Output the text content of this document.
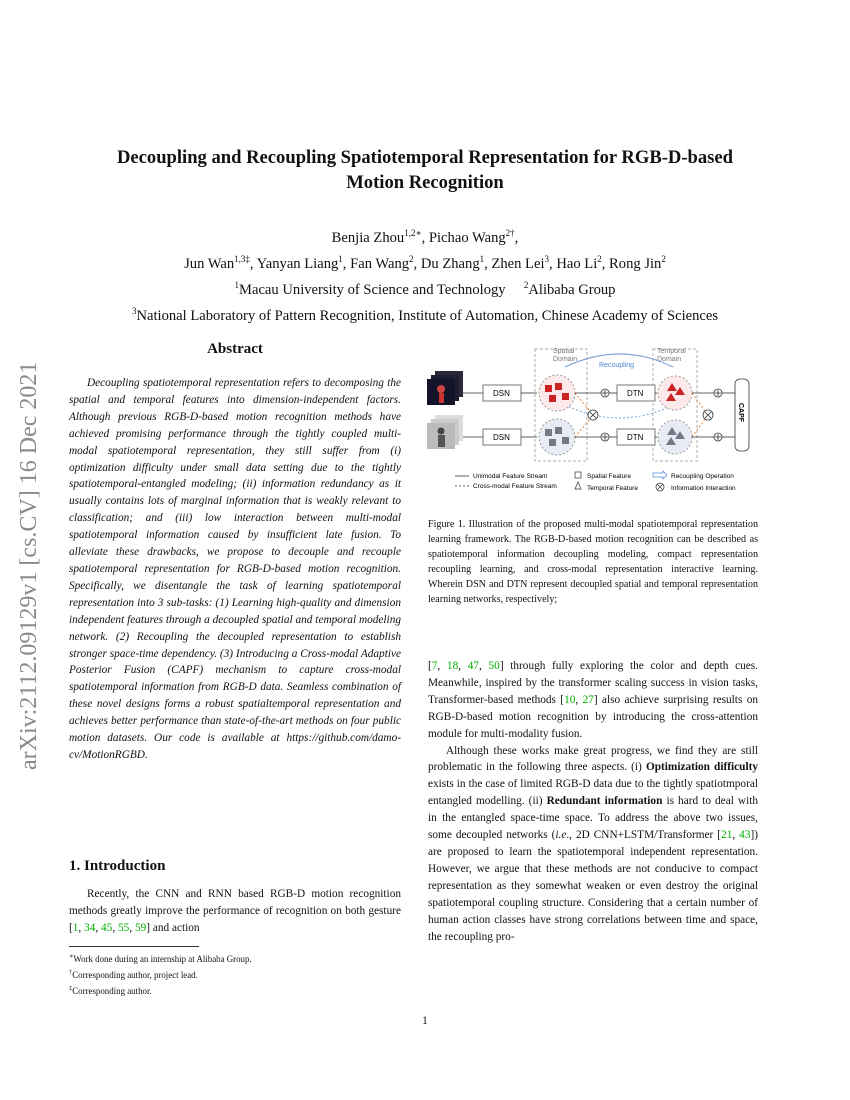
arXiv:2112.09129v1 [cs.CV] 16 Dec 2021
Decoupling and Recoupling Spatiotemporal Representation for RGB-D-based
Motion Recognition
Benjia Zhou$^{1,2∗}$, Pichao Wang$^{2\dagger}$,
Jun Wan$^{1,3\ddagger}$, Yanyan Liang$^1$, Fan Wang$^2$, Du Zhang$^1$, Zhen Lei$^3$, Hao Li$^2$, Rong Jin$^2$
$^1$Macau University of Science and Technology $^2$Alibaba Group
$^3$National Laboratory of Pattern Recognition, Institute of Automation, Chinese Academy of Sciences
Abstract
Decoupling spatiotemporal representation refers to decomposing the spatial and temporal features into dimension-independent factors. Although previous RGB-D-based motion recognition methods have achieved promising performance through the tightly coupled multi-modal spatiotemporal representation, they still suffer from (i) optimization difficulty under small data setting due to the tightly spatiotemporal-entangled modeling; (ii) information redundancy as it usually contains lots of marginal information that is weakly relevant to classification; and (iii) low interaction between multi-modal spatiotemporal information caused by insufficient late fusion. To alleviate these drawbacks, we propose to decouple and recouple spatiotemporal representation for RGB-D-based motion recognition. Specifically, we disentangle the task of learning spatiotemporal representation into 3 sub-tasks: (1) Learning high-quality and dimension independent features through a decoupled spatial and temporal modeling network. (2) Recoupling the decoupled representation to establish stronger space-time dependency. (3) Introducing a Cross-modal Adaptive Posterior Fusion (CAPF) mechanism to capture cross-modal spatiotemporal information from RGB-D data. Seamless combination of these novel designs forms a robust spatialtemporal representation and achieves better performance than state-of-the-art methods on four public motion datasets. Our code is available at https://github.com/damo-cv/MotionRGBD.
1. Introduction
Recently, the CNN and RNN based RGB-D motion recognition methods greatly improve the performance of recognition on both gesture [1, 34, 45, 55, 59] and action
∗Work done during an internship at Alibaba Group.
†Corresponding author, project lead.
‡Corresponding author.
Spatial
Domain
Temporal
Domain
Recoupling
DSN
DSN
DTN
DTN
CAPF
Unimodal Feature Stream
Cross-modal Feature Stream
Spatial Feature
Temporal Feature
Recoupling Operation
Information Interaction
Figure 1. Illustration of the proposed multi-modal spatiotemporal representation learning framework. The RGB-D-based motion recognition can be described as spatiotemporal information decoupling modeling, compact representation recoupling learning, and cross-modal representation interactive learning. Wherein DSN and DTN represent decoupled spatial and temporal representation learning networks, respectively;

[7, 18, 47, 50] through fully exploring the color and depth cues. Meanwhile, inspired by the transformer scaling success in vision tasks, Transformer-based methods [10, 27] also achieve surprising results on RGB-D-based motion recognition by introducing the cross-attention module for multi-modality fusion.

Although these works make great progress, we find they are still problematic in the following three aspects. (i) Optimization difficulty exists in the case of limited RGB-D data due to the tightly spatiotmporal entangled modelling. (ii) Redundant information is hard to deal with in the entangled space-time space. To address the above two issues, some decoupled networks (i.e., 2D CNN+LSTM/Transformer [21, 43]) are proposed to learn the spatiotemporal independent representation. However, we argue that these methods are not conducive to compact representation as they somewhat weaken or even destroy the original spatiotemporal coupling structure. Considering that a certain number of human action classes have strong correlations between time and space, the recoupling pro-

1
